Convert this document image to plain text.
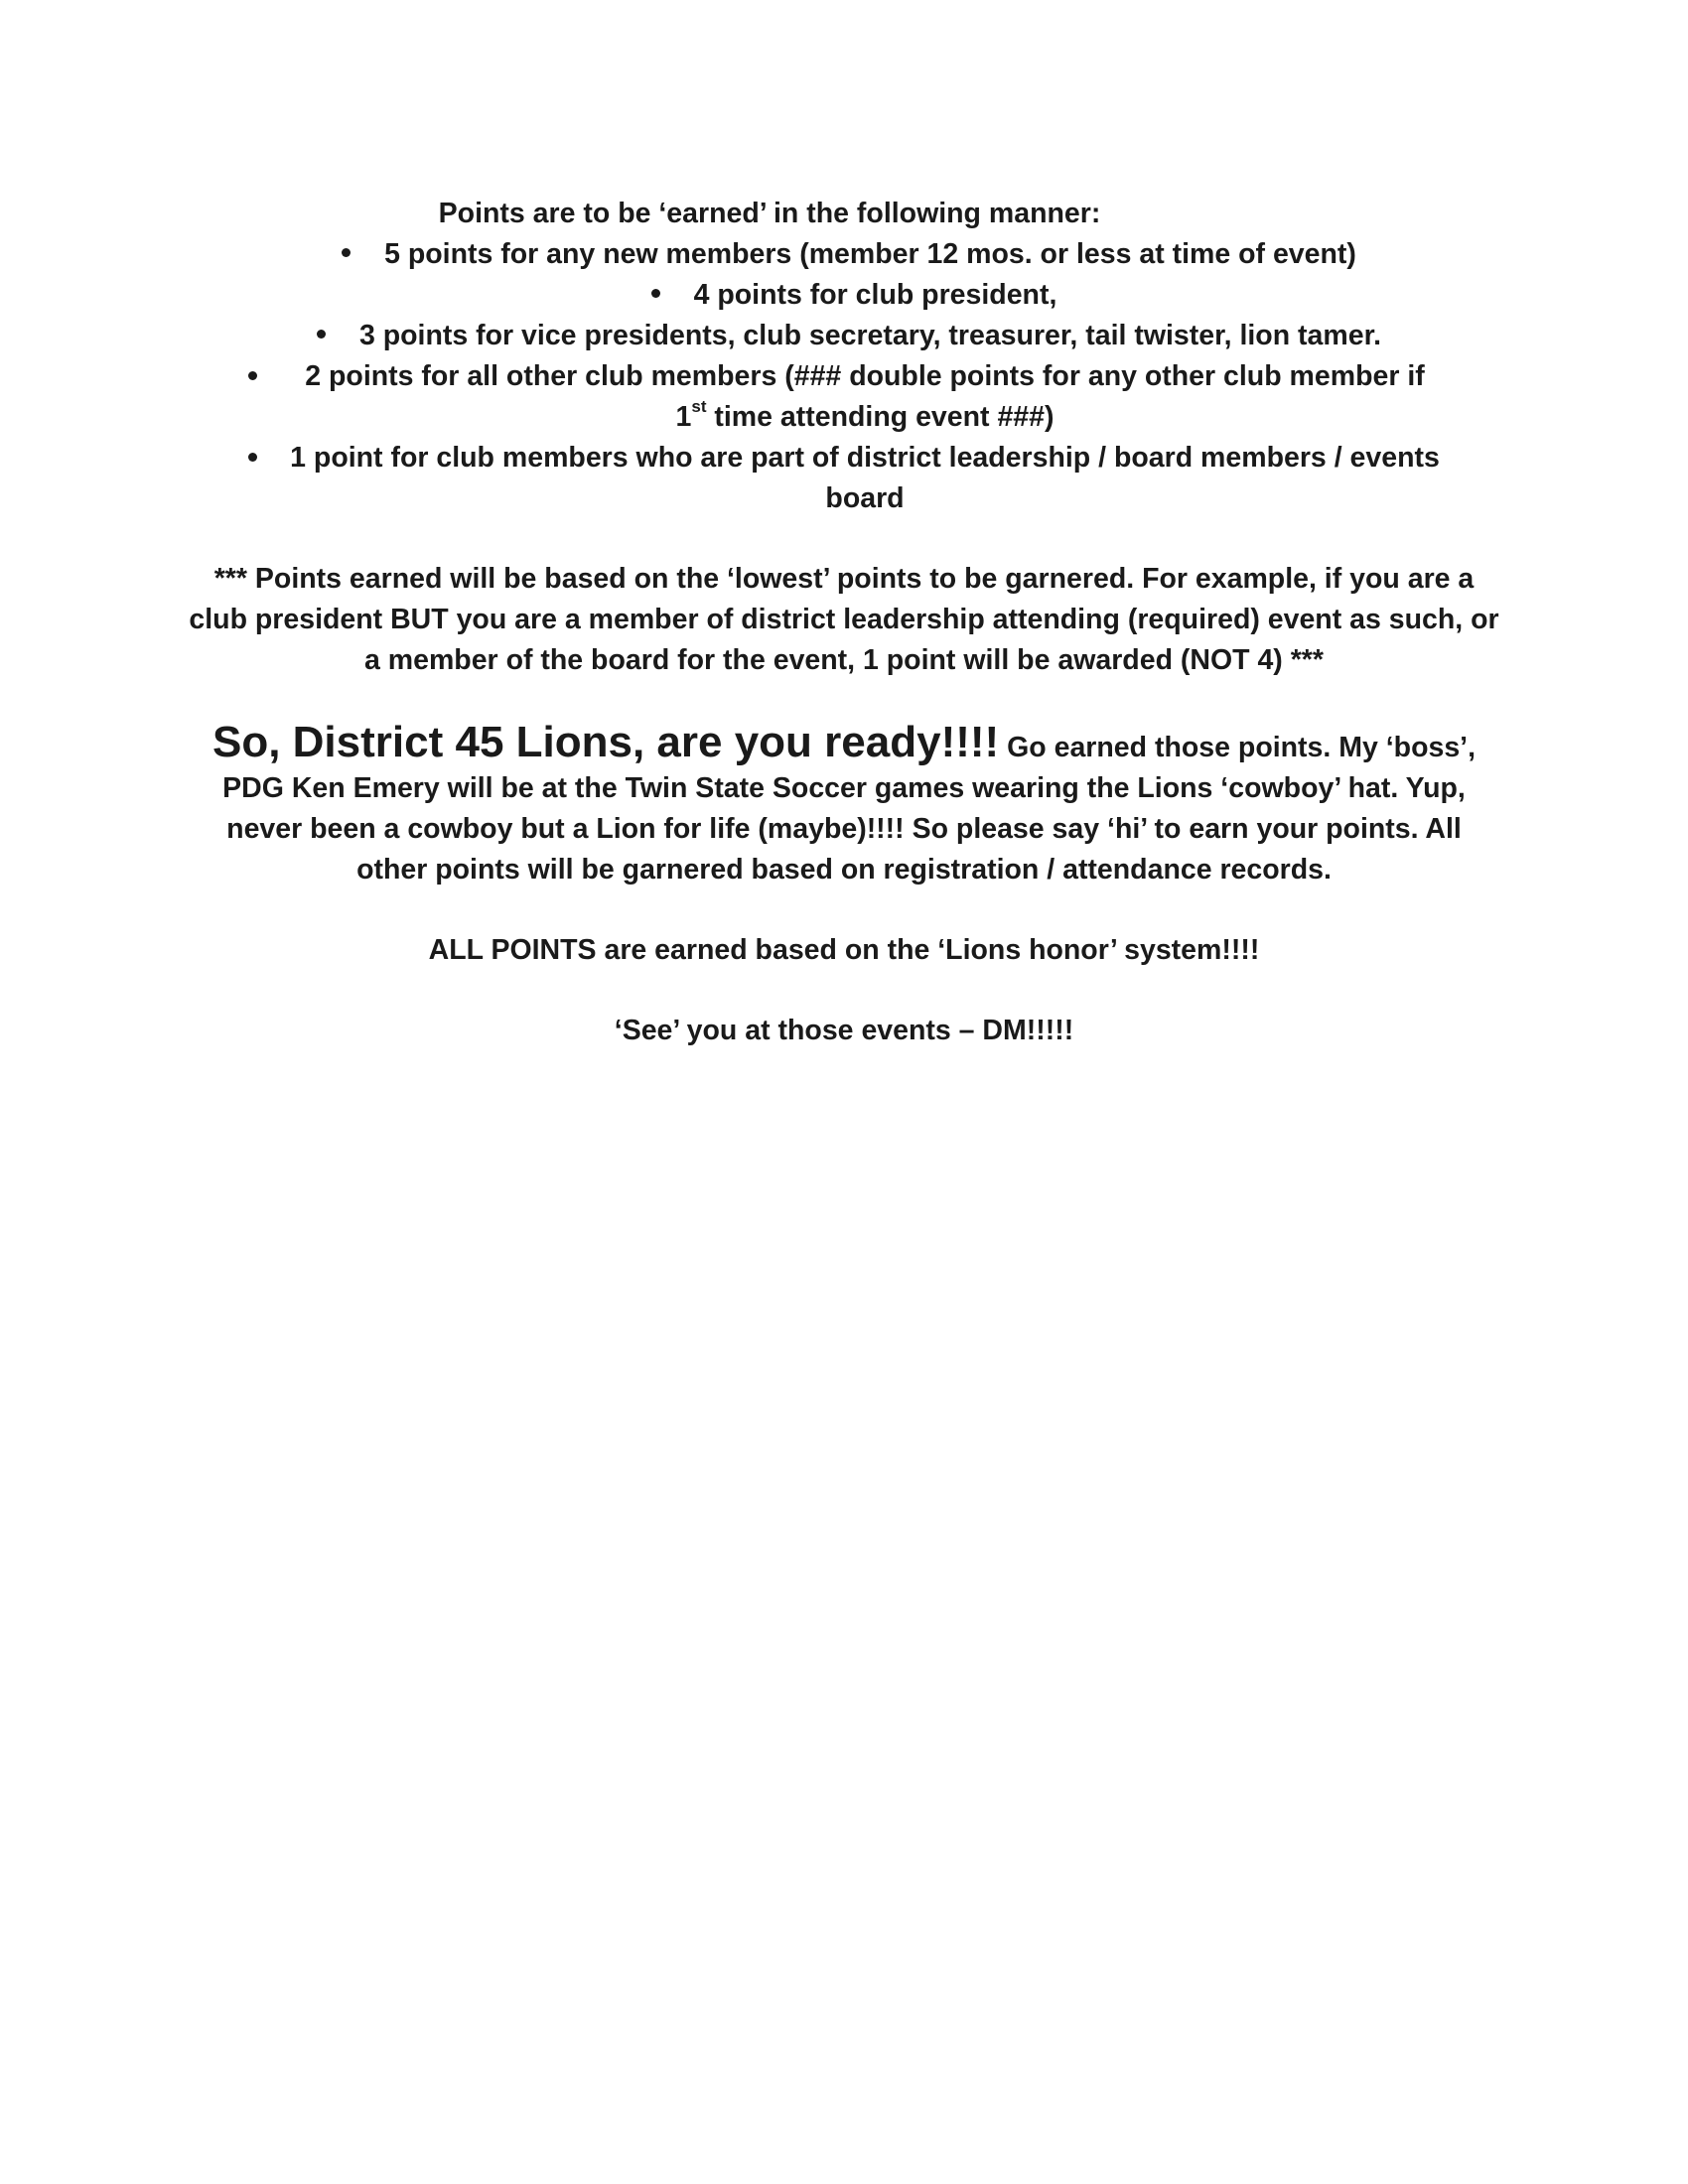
Points are to be ‘earned’ in the following manner:

5 points for any new members (member 12 mos. or less at time of event)
4 points for club president,
3 points for vice presidents, club secretary, treasurer, tail twister, lion tamer.
2 points for all other club members (### double points for any other club member if 1st time attending event ###)
1 point for club members who are part of district leadership / board members / events board

*** Points earned will be based on the ‘lowest’ points to be garnered. For example, if you are a club president BUT you are a member of district leadership attending (required) event as such, or a member of the board for the event, 1 point will be awarded (NOT 4) ***

So, District 45 Lions, are you ready!!!! Go earned those points. My ‘boss’, PDG Ken Emery will be at the Twin State Soccer games wearing the Lions ‘cowboy’ hat. Yup, never been a cowboy but a Lion for life (maybe)!!!! So please say ‘hi’ to earn your points. All other points will be garnered based on registration / attendance records.

ALL POINTS are earned based on the ‘Lions honor’ system!!!!

‘See’ you at those events – DM!!!!!
